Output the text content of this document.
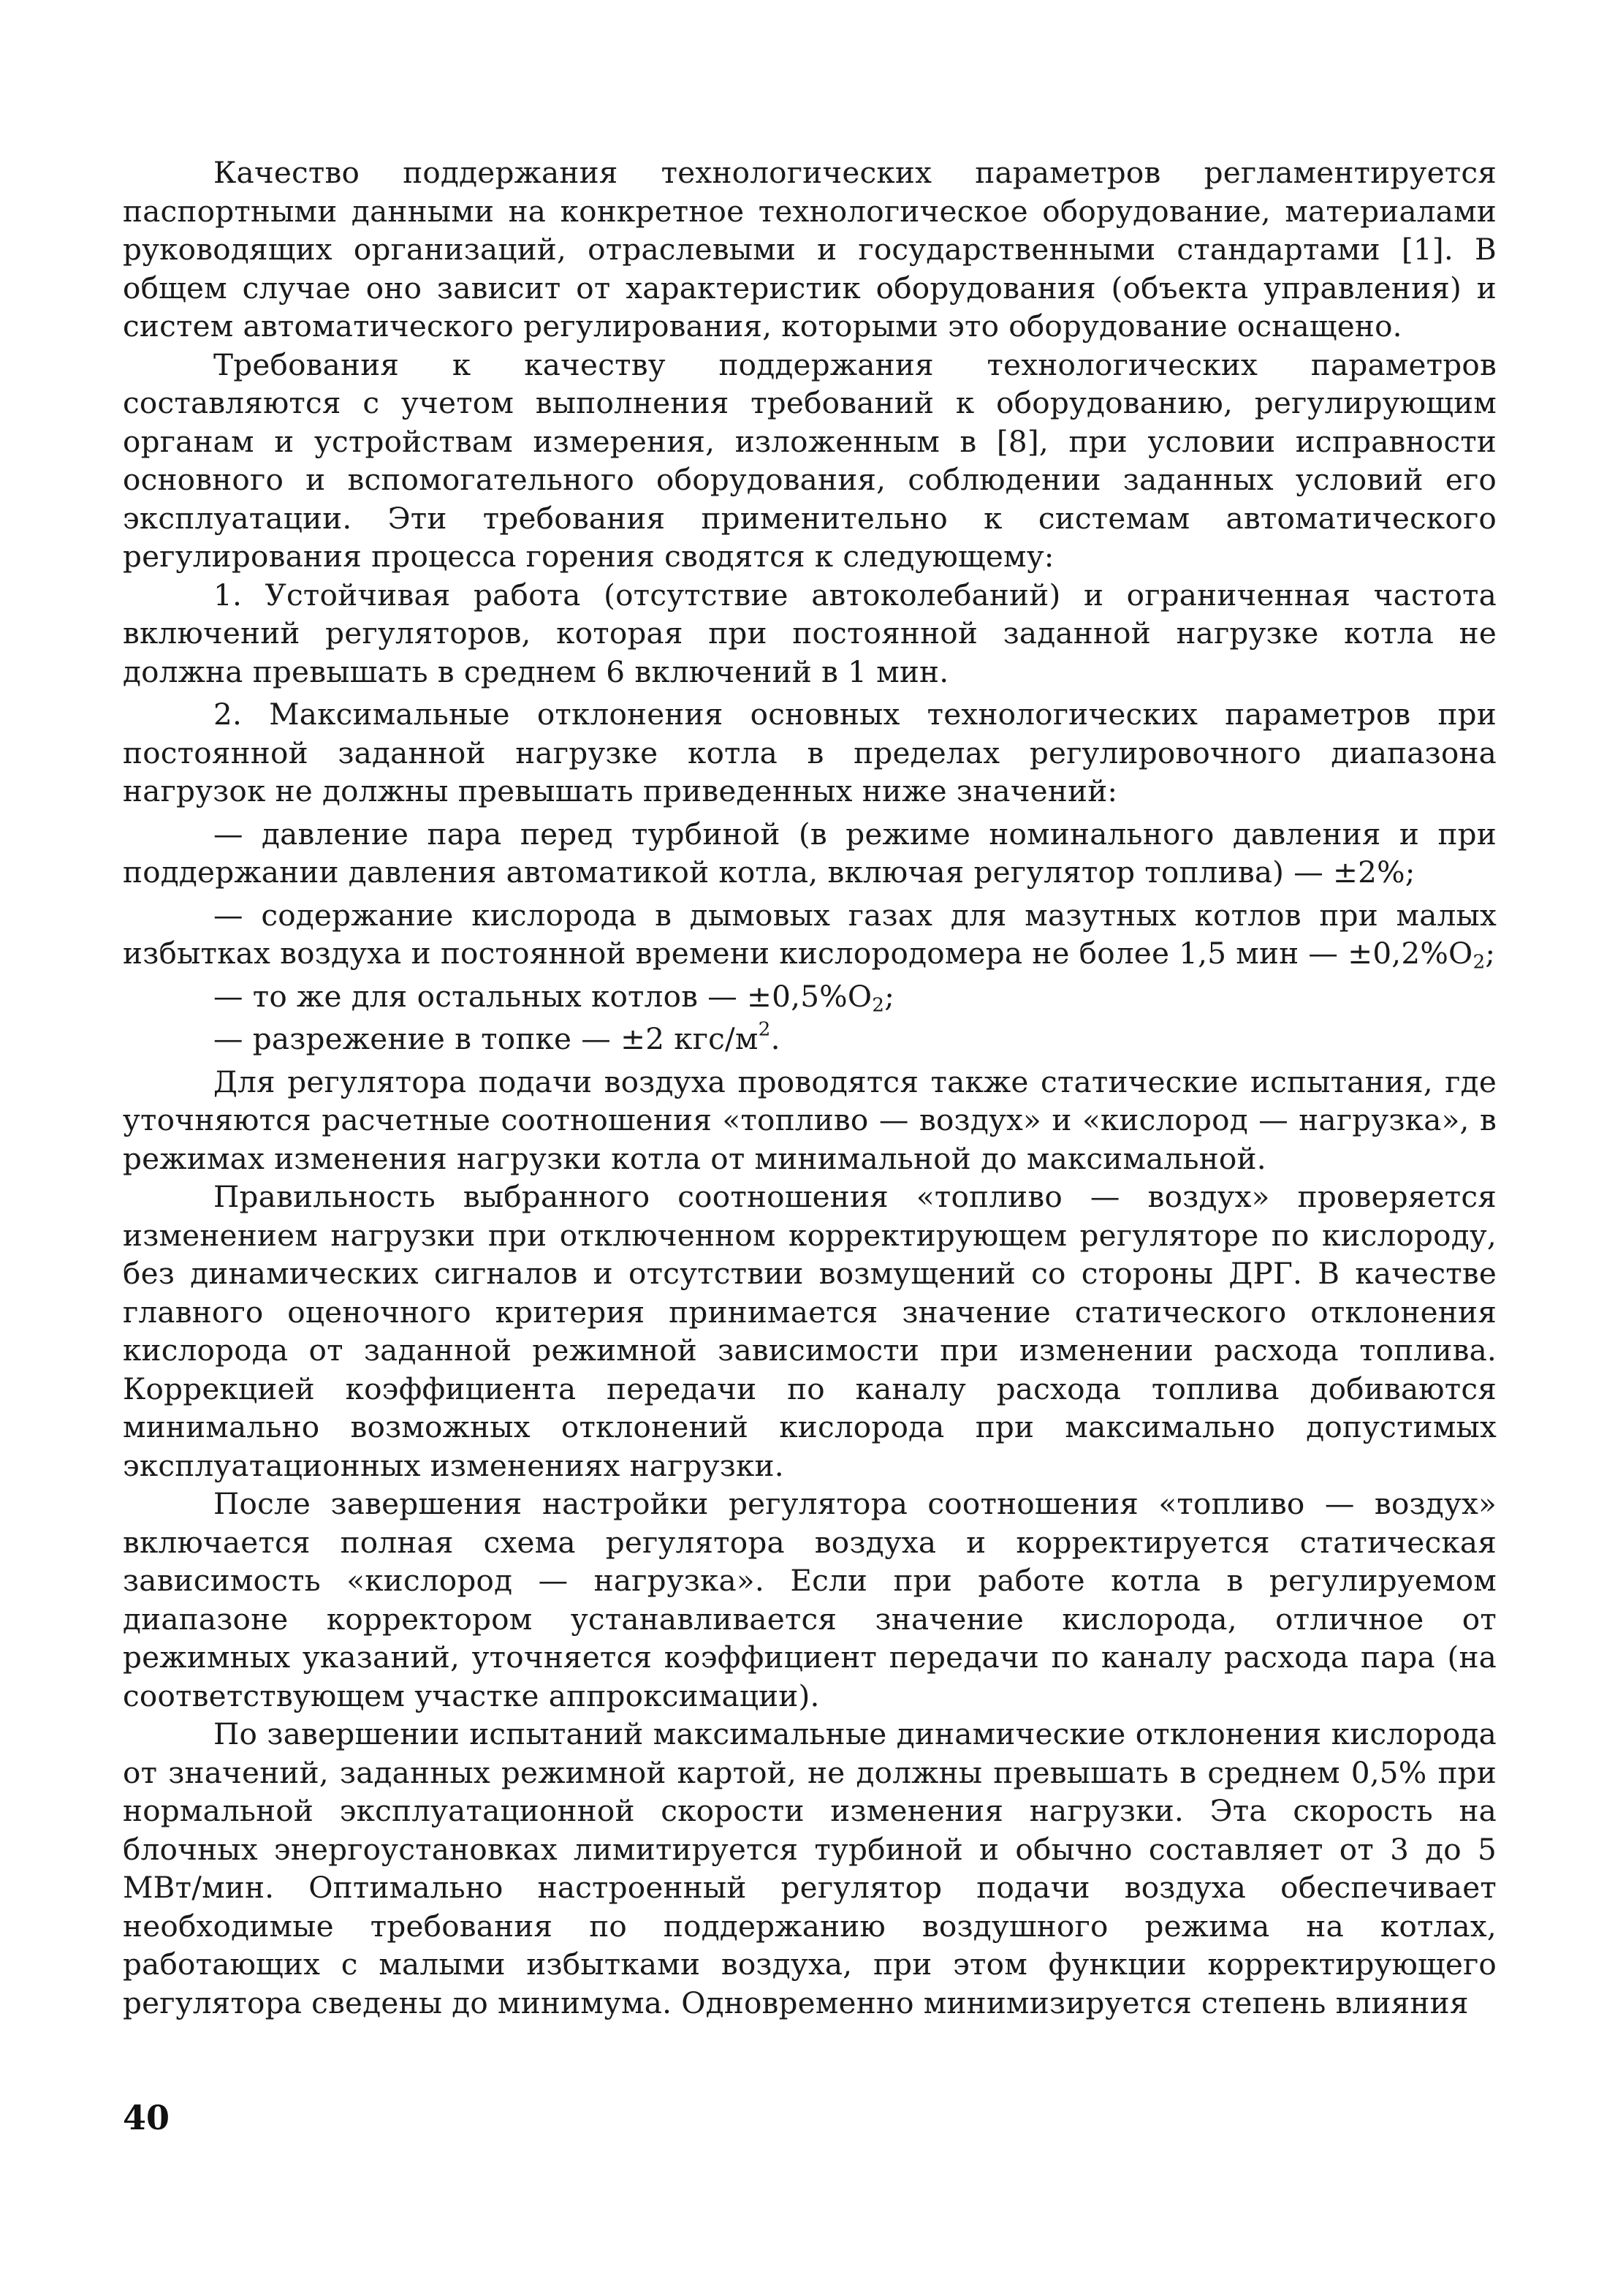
Качество поддержания технологических параметров регламентируется паспортными данными на конкретное технологическое оборудование, материалами руководящих организаций, отраслевыми и государственными стандартами [1]. В общем случае оно зависит от характеристик оборудования (объекта управления) и систем автоматического регулирования, которыми это оборудование оснащено.

Требования к качеству поддержания технологических параметров составляются с учетом выполнения требований к оборудованию, регулирующим органам и устройствам измерения, изложенным в [8], при условии исправности основного и вспомогательного оборудования, соблюдении заданных условий его эксплуатации. Эти требования применительно к системам автоматического регулирования процесса горения сводятся к следующему:

1. Устойчивая работа (отсутствие автоколебаний) и ограниченная частота включений регуляторов, которая при постоянной заданной нагрузке котла не должна превышать в среднем 6 включений в 1 мин.

2. Максимальные отклонения основных технологических параметров при постоянной заданной нагрузке котла в пределах регулировочного диапазона нагрузок не должны превышать приведенных ниже значений:

— давление пара перед турбиной (в режиме номинального давления и при поддержании давления автоматикой котла, включая регулятор топлива) — ±2%;

— содержание кислорода в дымовых газах для мазутных котлов при малых избытках воздуха и постоянной времени кислородомера не более 1,5 мин — $\pm 0,2\%O_2$;

— то же для остальных котлов — $\pm 0,5\%O_2$;

— разрежение в топке — ±2 кгс/$м^2$.

Для регулятора подачи воздуха проводятся также статические испытания, где уточняются расчетные соотношения «топливо — воздух» и «кислород — нагрузка», в режимах изменения нагрузки котла от минимальной до максимальной.

Правильность выбранного соотношения «топливо — воздух» проверяется изменением нагрузки при отключенном корректирующем регуляторе по кислороду, без динамических сигналов и отсутствии возмущений со стороны ДРГ. В качестве главного оценочного критерия принимается значение статического отклонения кислорода от заданной режимной зависимости при изменении расхода топлива. Коррекцией коэффициента передачи по каналу расхода топлива добиваются минимально возможных отклонений кислорода при максимально допустимых эксплуатационных изменениях нагрузки.

После завершения настройки регулятора соотношения «топливо — воздух» включается полная схема регулятора воздуха и корректируется статическая зависимость «кислород — нагрузка». Если при работе котла в регулируемом диапазоне корректором устанавливается значение кислорода, отличное от режимных указаний, уточняется коэффициент передачи по каналу расхода пара (на соответствующем участке аппроксимации).

По завершении испытаний максимальные динамические отклонения кислорода от значений, заданных режимной картой, не должны превышать в среднем 0,5% при нормальной эксплуатационной скорости изменения нагрузки. Эта скорость на блочных энергоустановках лимитируется турбиной и обычно составляет от 3 до 5 МВт/мин. Оптимально настроенный регулятор подачи воздуха обеспечивает необходимые требования по поддержанию воздушного режима на котлах, работающих с малыми избытками воздуха, при этом функции корректирующего регулятора сведены до минимума. Одновременно минимизируется степень влияния

40
